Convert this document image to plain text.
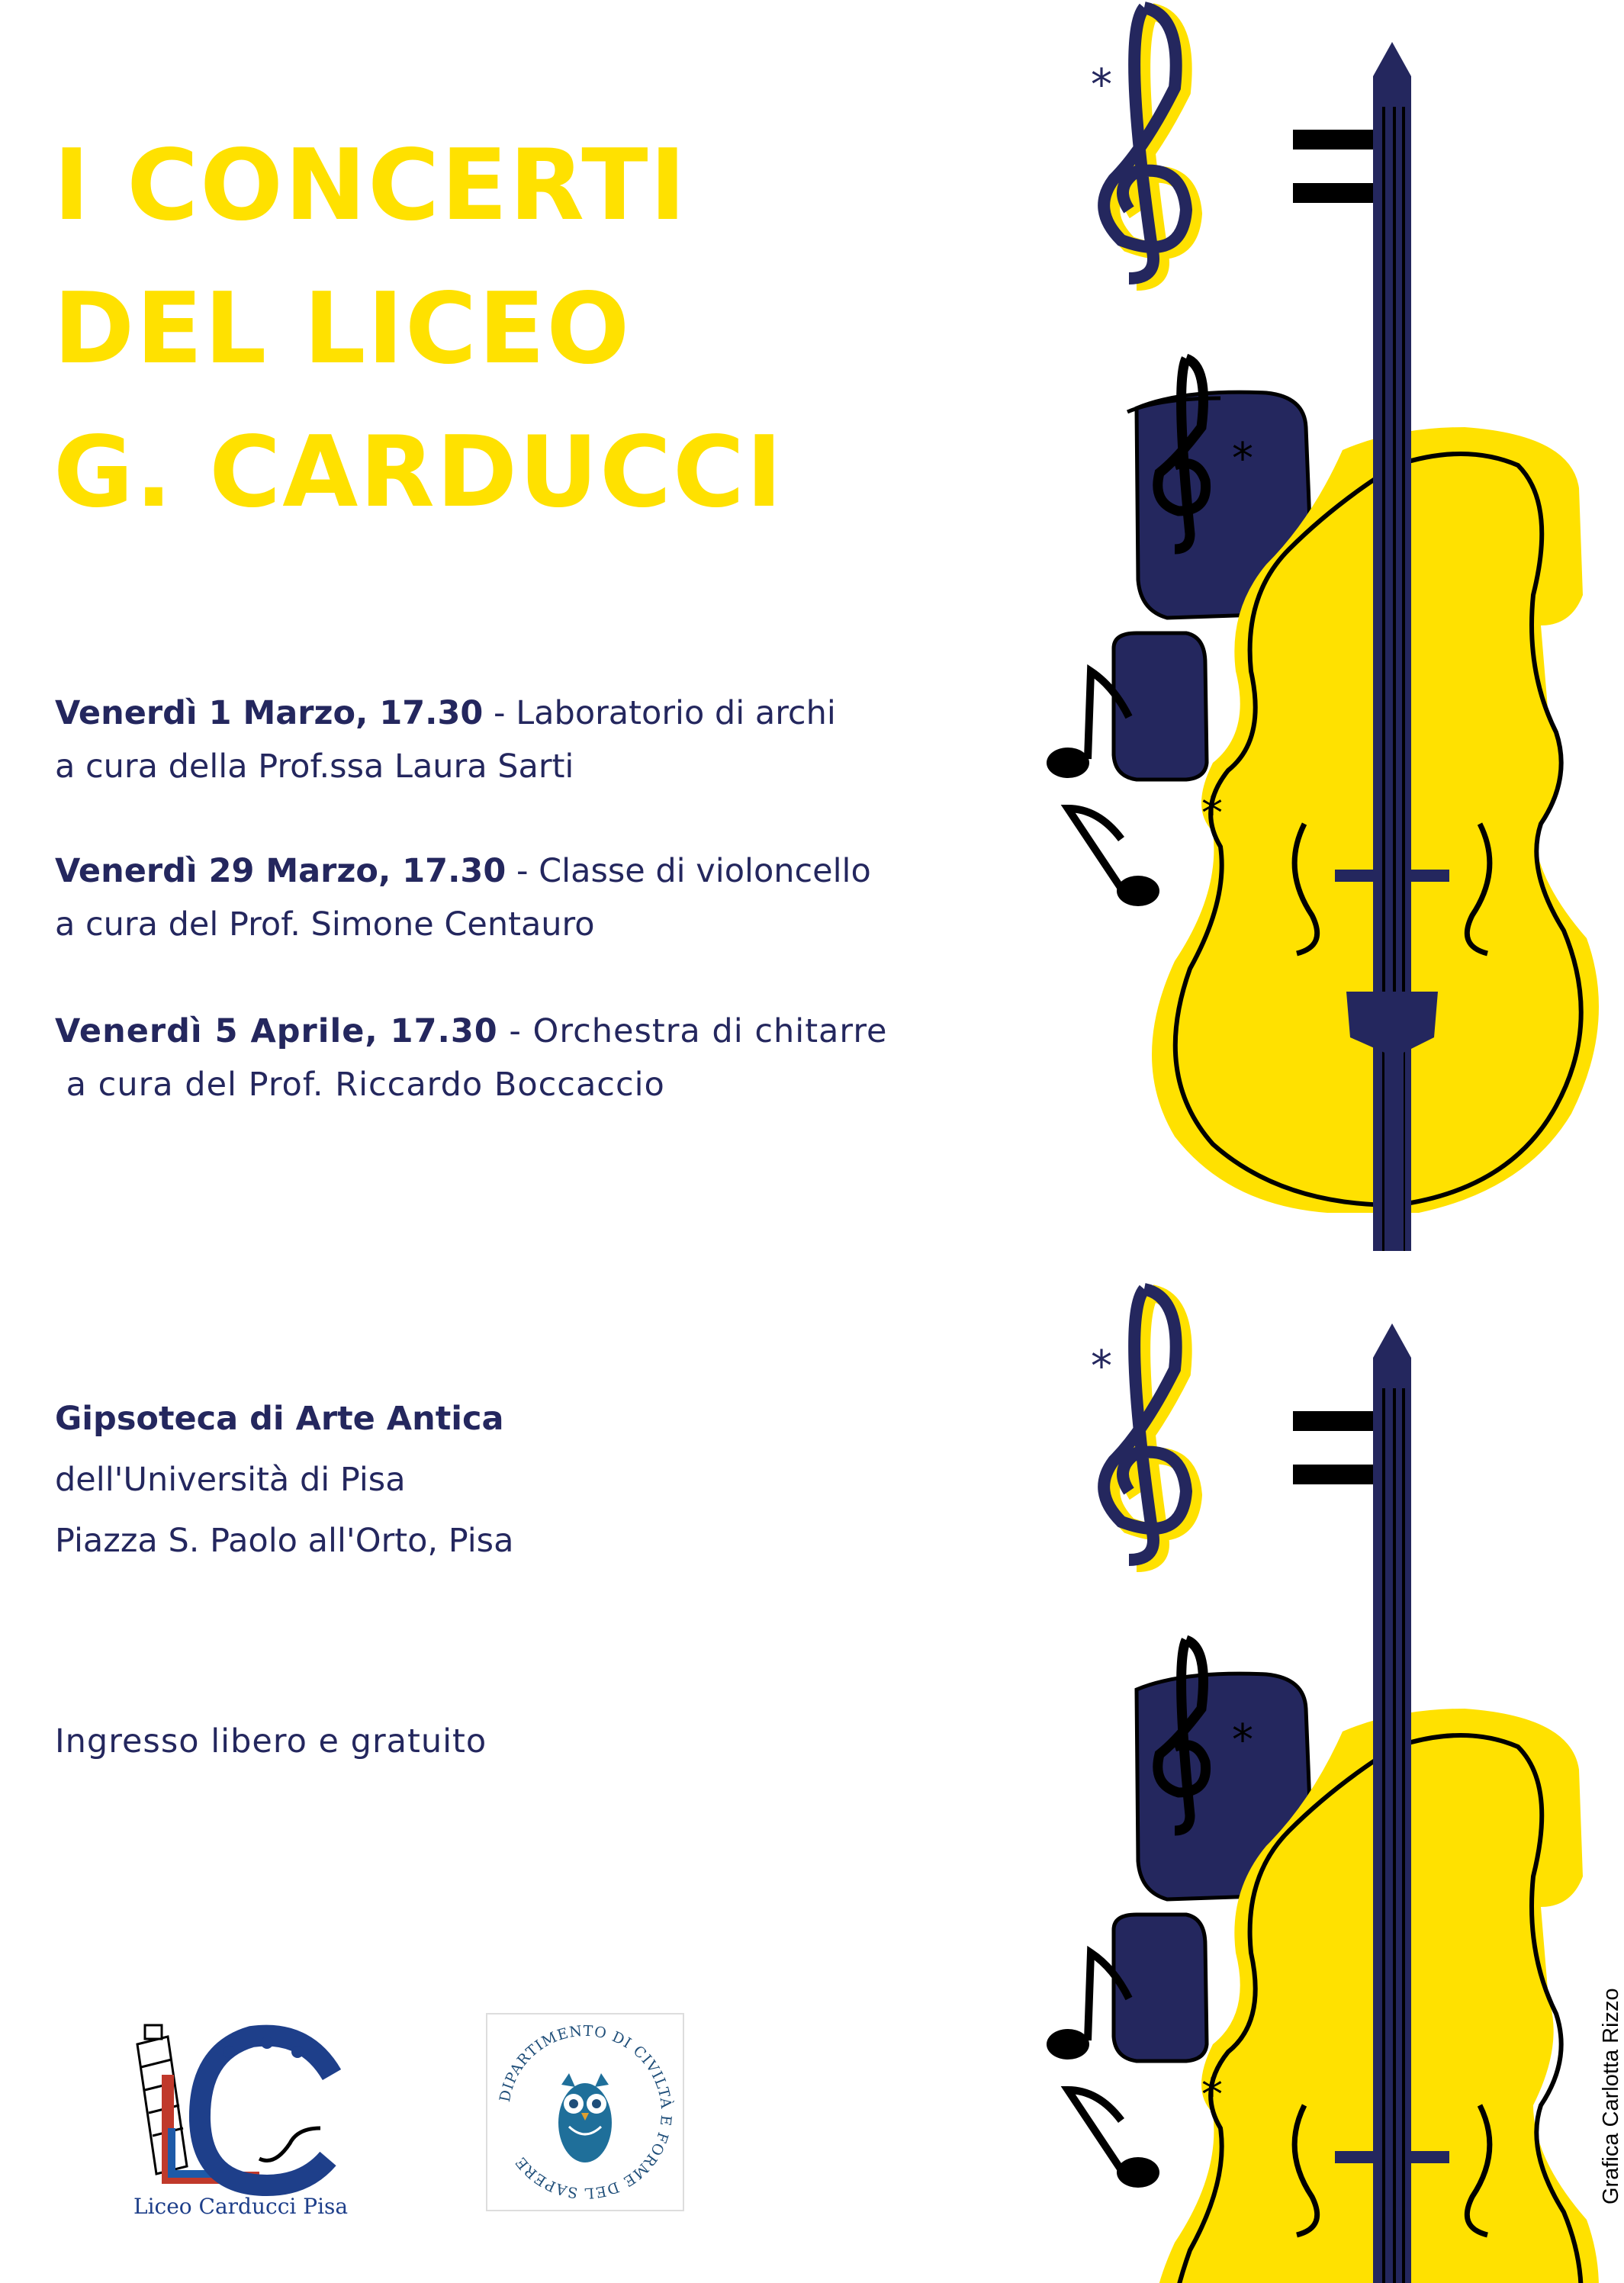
I CONCERTI
DEL LICEO
G. CARDUCCI
Venerdì 1 Marzo, 17.30 - Laboratorio di archi
a cura della Prof.ssa Laura Sarti
Venerdì 29 Marzo, 17.30 - Classe di violoncello
a cura del Prof. Simone Centauro
Venerdì 5 Aprile, 17.30 - Orchestra di chitarre
a cura del Prof. Riccardo Boccaccio
Gipsoteca di Arte Antica
dell'Università di Pisa
Piazza S. Paolo all'Orto, Pisa
Ingresso libero e gratuito
*
*
*
*
*
*
Liceo Carducci Pisa
DIPARTIMENTO DI CIVILTÀ E FORME DEL SAPERE	Grafica Carlotta Rizzo
